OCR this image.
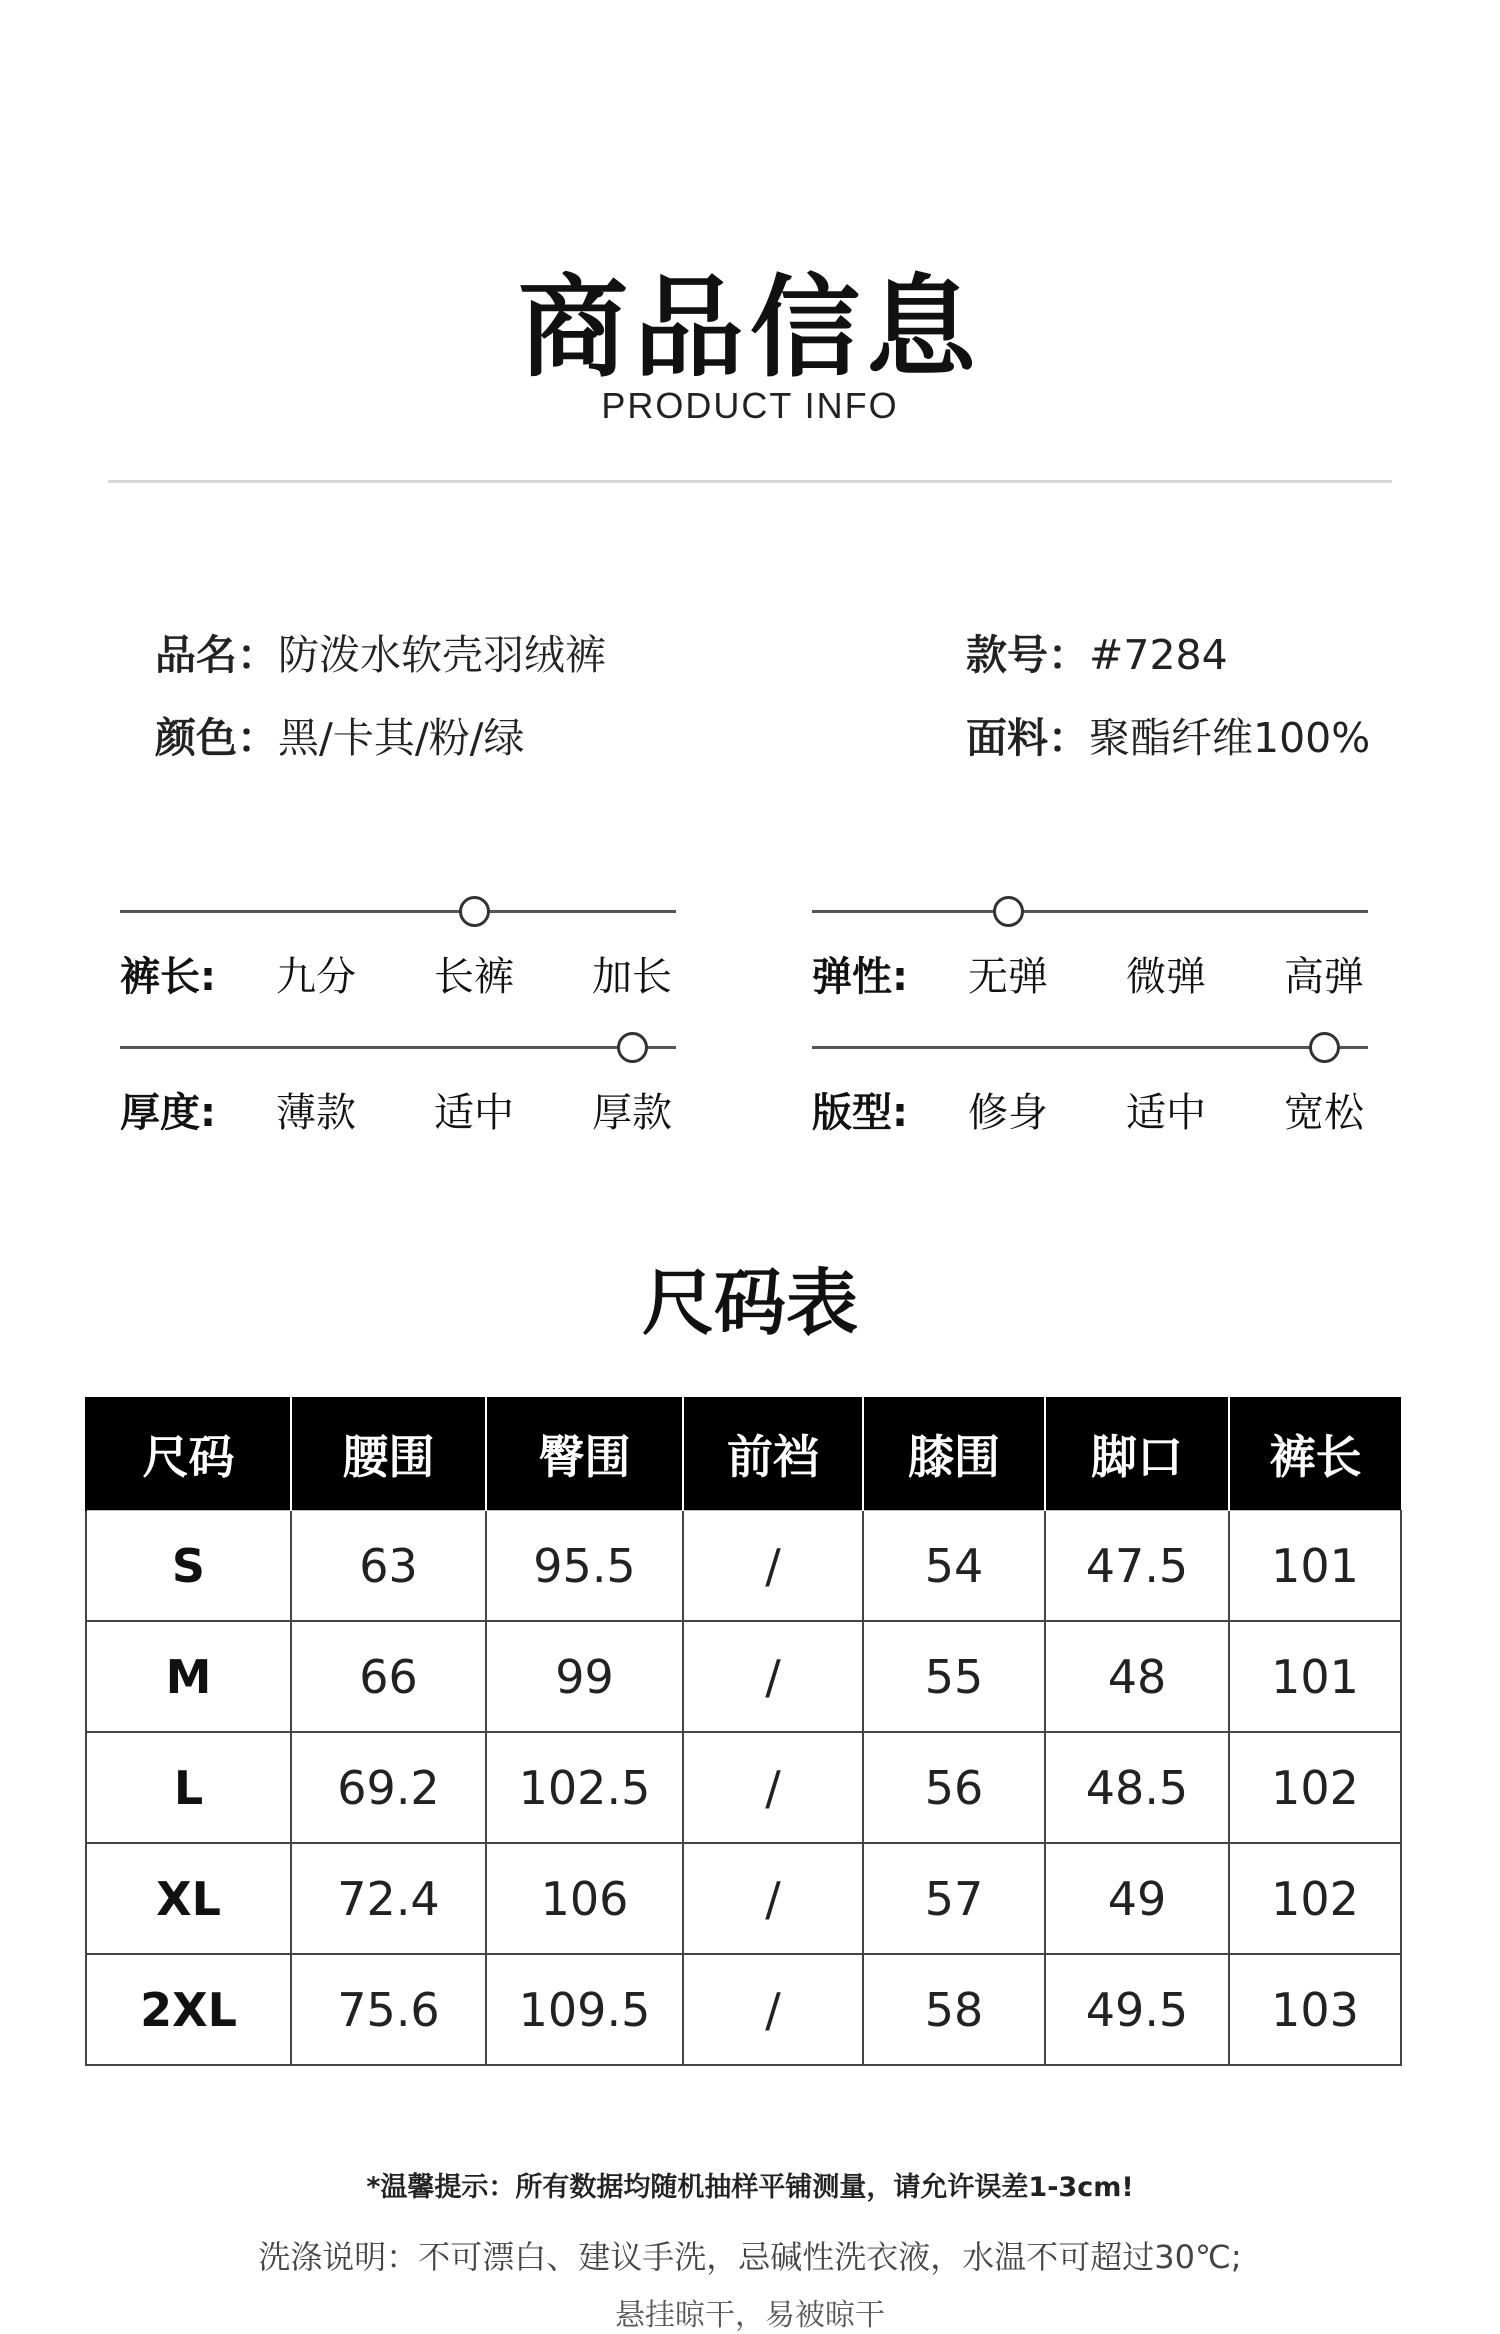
商品信息
PRODUCT INFO
品名：防泼水软壳羽绒裤	款号：#7284
颜色：黑/卡其/粉/绿	面料：聚酯纤维100%
裤长:	九分	长裤	加长	弹性:	无弹	微弹	高弹
厚度:	薄款	适中	厚款	版型:	修身	适中	宽松
尺码表
尺码	腰围	臀围	前裆	膝围	脚口	裤长
S	63	95.5	/	54	47.5	101
M	66	99	/	55	48	101
L	69.2	102.5	/	56	48.5	102
XL	72.4	106	/	57	49	102
2XL	75.6	109.5	/	58	49.5	103
*温馨提示：所有数据均随机抽样平铺测量，请允许误差1-3cm!
洗涤说明：不可漂白、建议手洗，忌碱性洗衣液，水温不可超过30℃;
悬挂晾干，易被晾干
